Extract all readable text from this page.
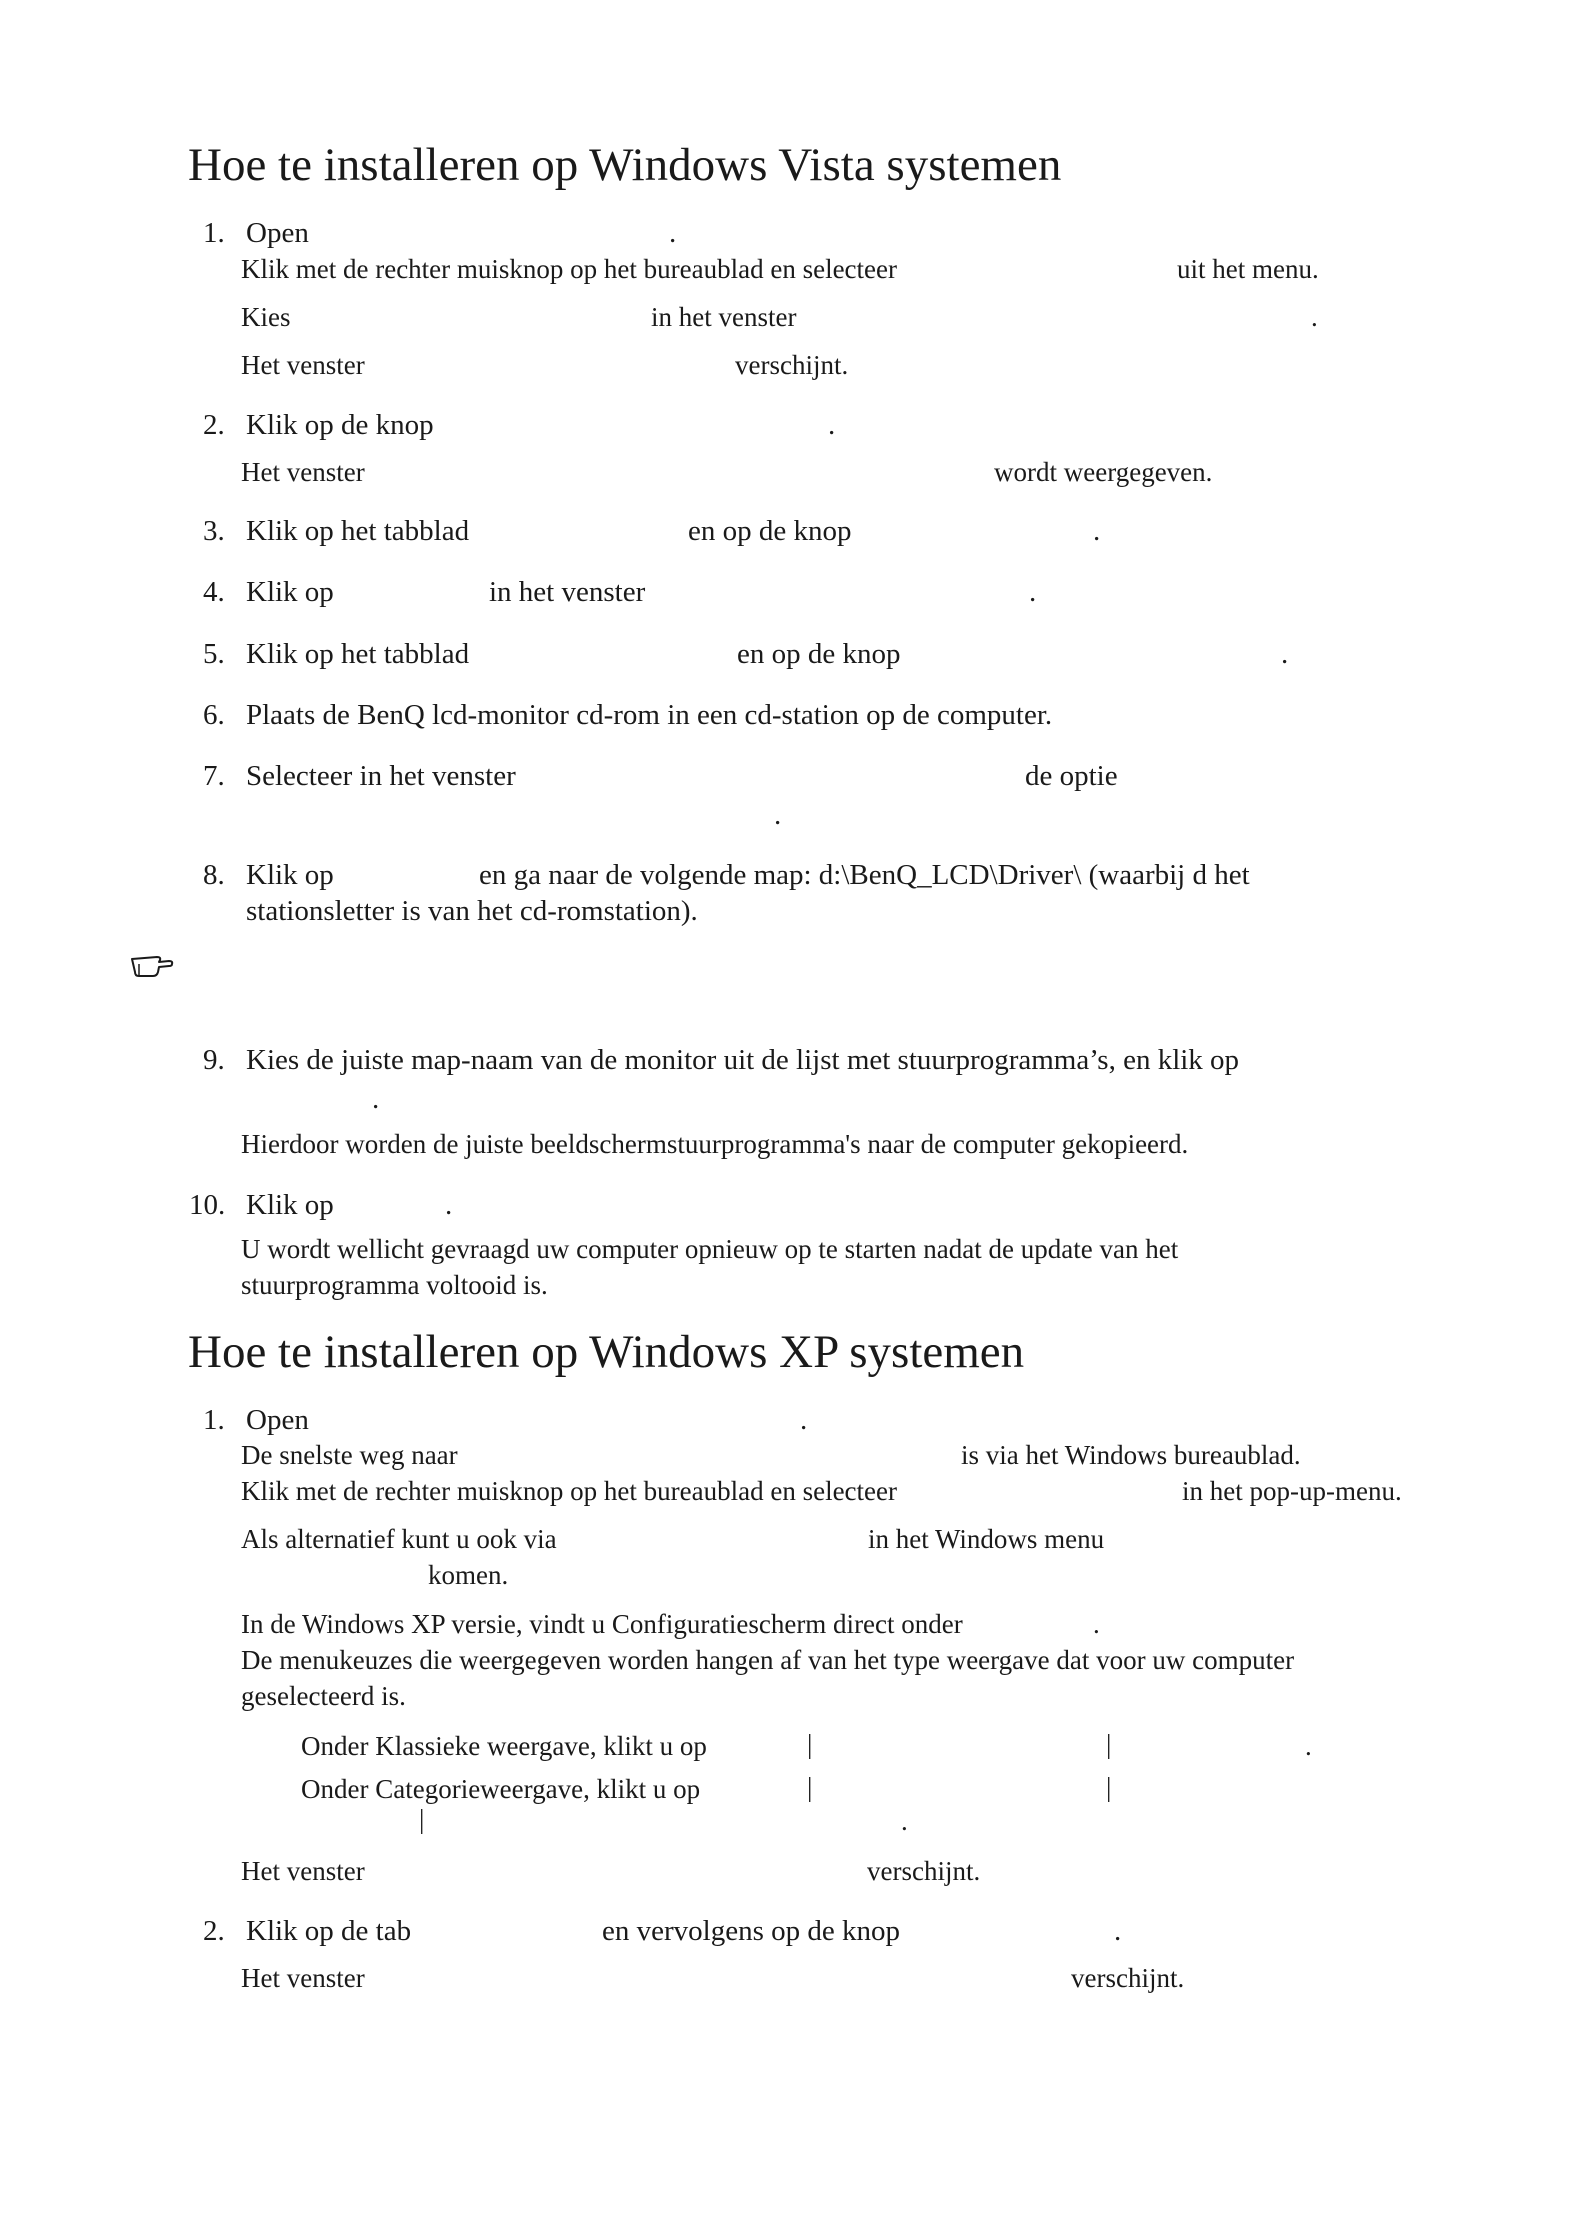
Hoe te installeren op Windows Vista systemen
1. Open	.
Klik met de rechter muisknop op het bureaublad en selecteer	uit het menu.
Kies	in het venster	.
Het venster	verschijnt.
2. Klik op de knop	.
Het venster	wordt weergegeven.
3. Klik op het tabblad	en op de knop	.
4. Klik op	in het venster	.
5. Klik op het tabblad	en op de knop	.
6. Plaats de BenQ lcd-monitor cd-rom in een cd-station op de computer.
7. Selecteer in het venster	de optie
.
8. Klik op	en ga naar de volgende map: d:\BenQ_LCD\Driver\ (waarbij d het
stationsletter is van het cd-romstation).
9. Kies de juiste map-naam van de monitor uit de lijst met stuurprogramma’s, en klik op
.
Hierdoor worden de juiste beeldschermstuurprogramma's naar de computer gekopieerd.
10. Klik op	.
U wordt wellicht gevraagd uw computer opnieuw op te starten nadat de update van het
stuurprogramma voltooid is.
Hoe te installeren op Windows XP systemen
1. Open	.
De snelste weg naar	is via het Windows bureaublad.
Klik met de rechter muisknop op het bureaublad en selecteer	in het pop-up-menu.
Als alternatief kunt u ook via	in het Windows menu
komen.
In de Windows XP versie, vindt u Configuratiescherm direct onder	.
De menukeuzes die weergegeven worden hangen af van het type weergave dat voor uw computer
geselecteerd is.
Onder Klassieke weergave, klikt u op	|	|	.
Onder Categorieweergave, klikt u op	|	|
|	.
Het venster	verschijnt.
2. Klik op de tab	en vervolgens op de knop	.
Het venster	verschijnt.
